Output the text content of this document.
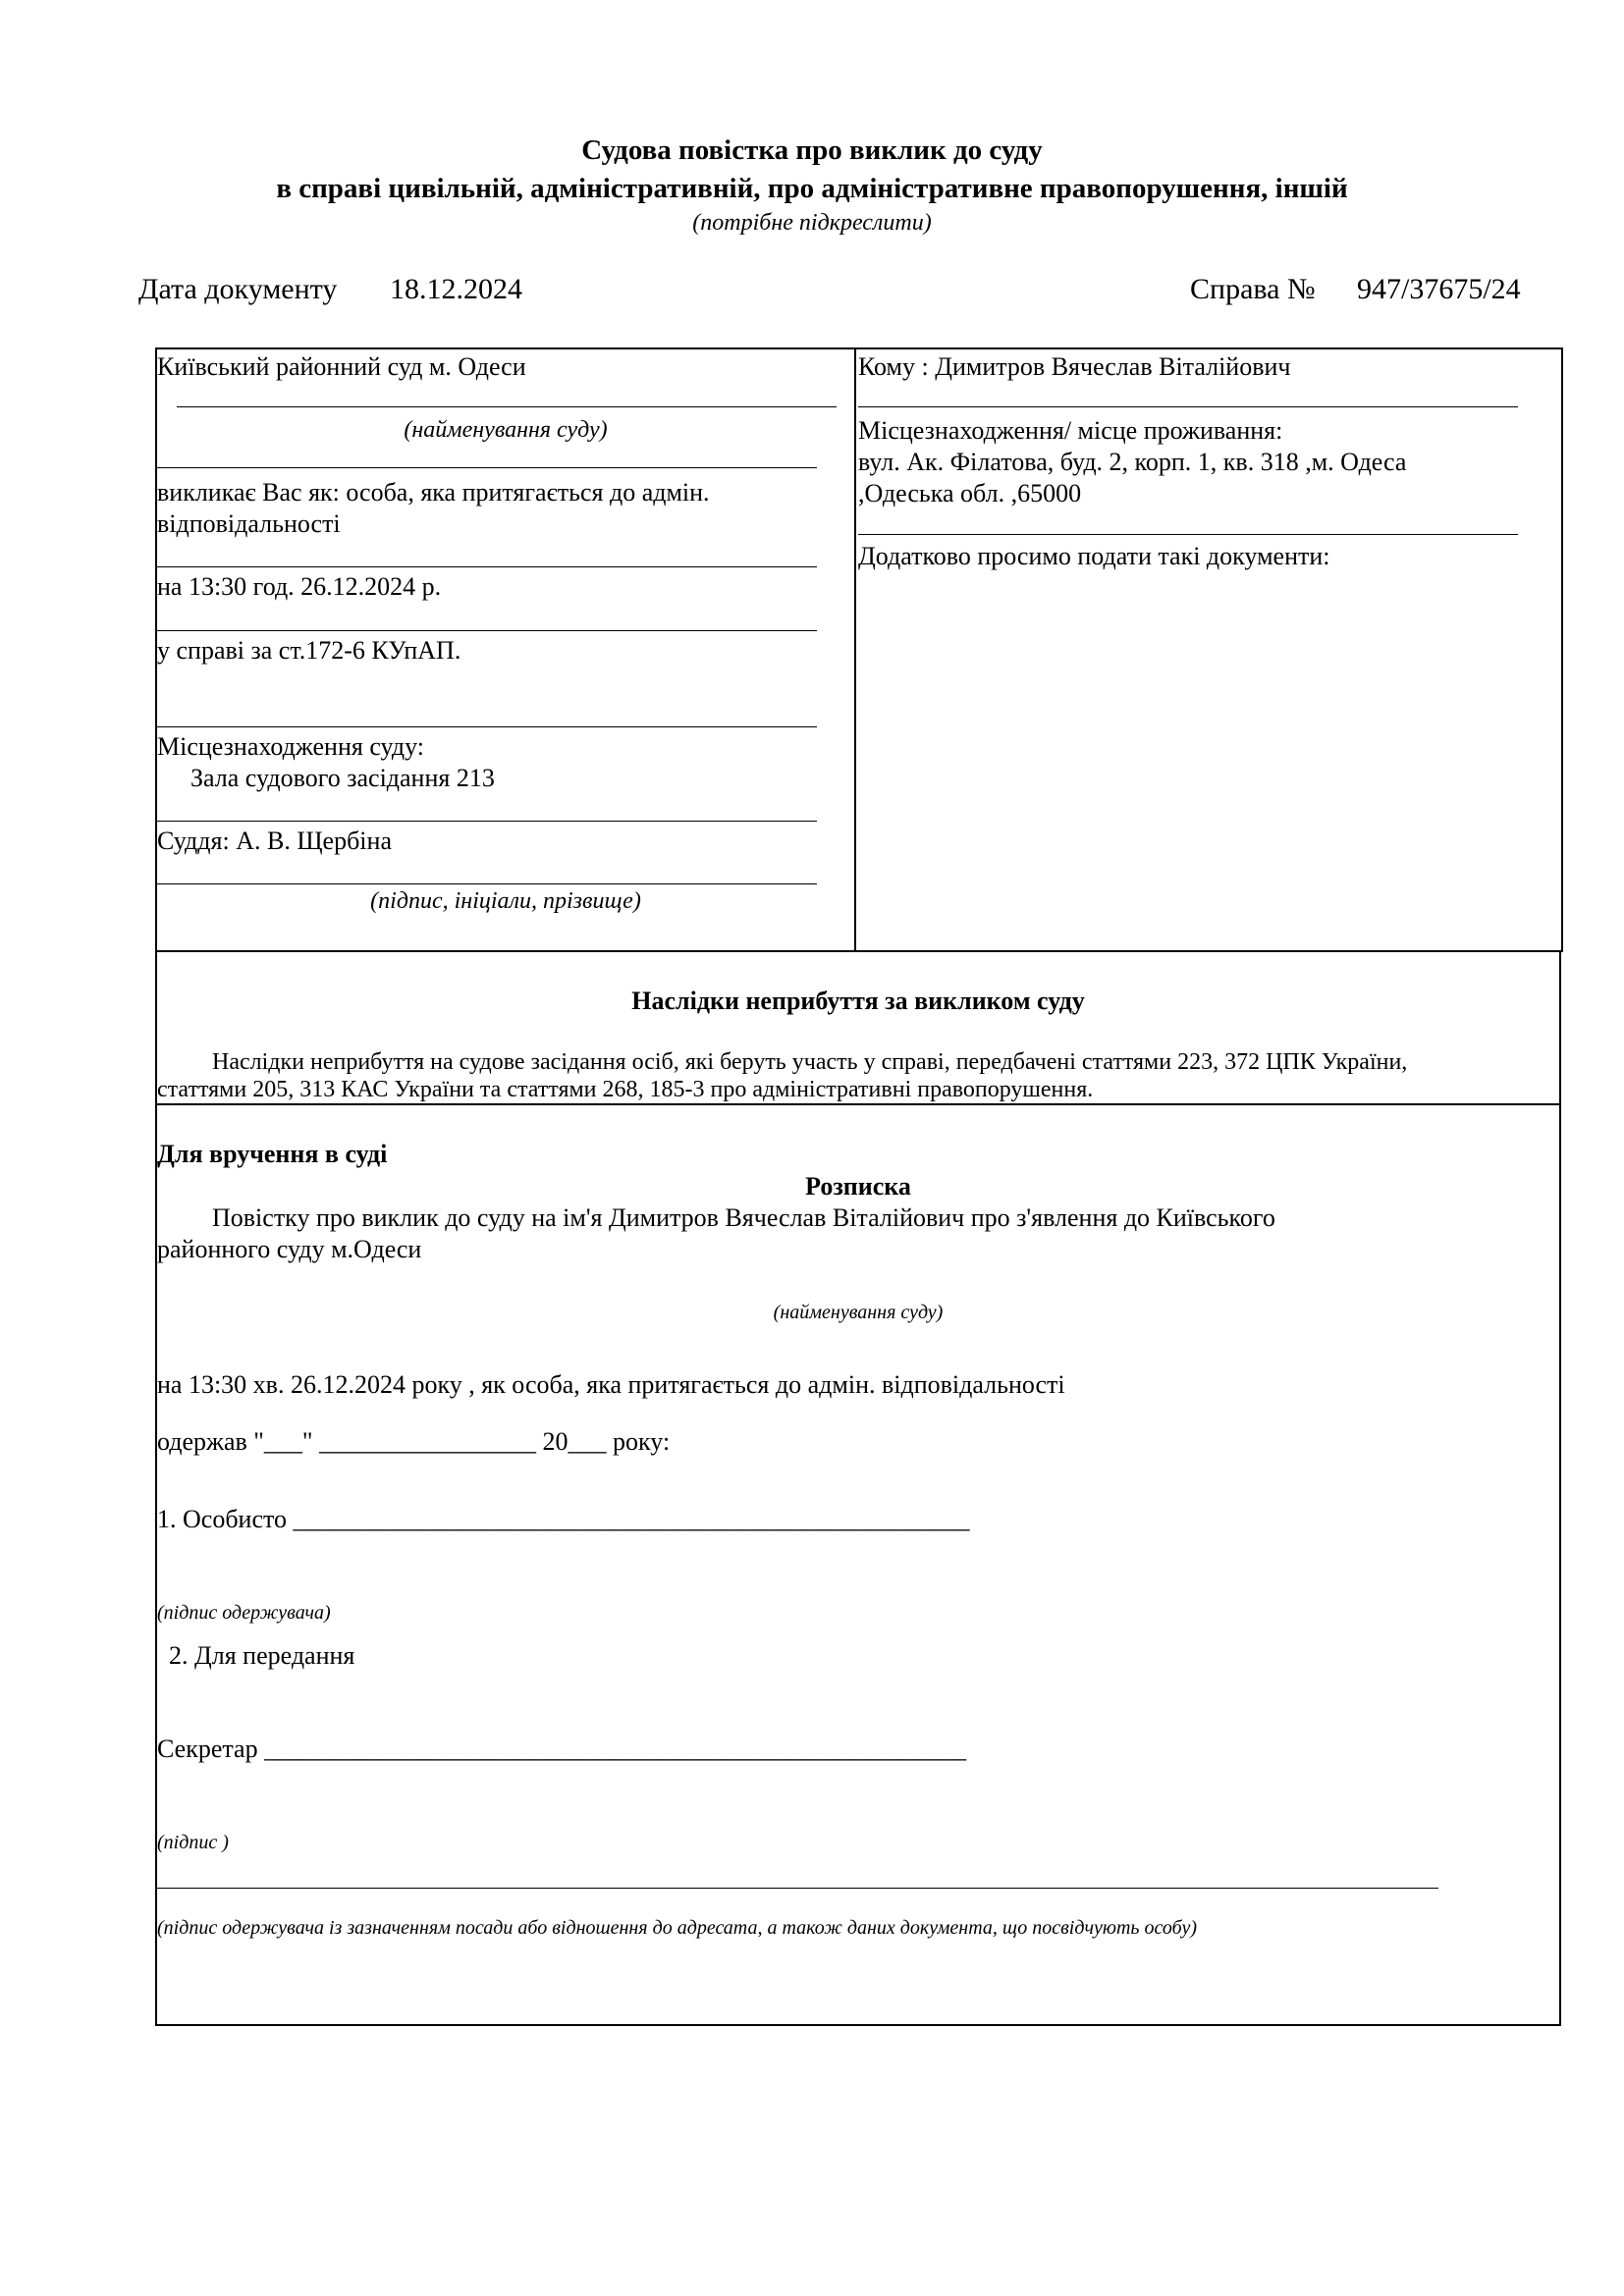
Судова повістка про виклик до суду
в справі цивільній, адміністративній, про адміністративне правопорушення, іншій
(потрібне підкреслити)
Дата документу 18.12.2024	Справа № 947/37675/24
Київський районний суд м. Одеси
(найменування суду)
викликає Вас як: особа, яка притягається до адмін.
відповідальності
на 13:30 год. 26.12.2024 р.
у справі за ст.172-6 КУпАП.
Місцезнаходження суду:
Зала судового засідання 213
Суддя: А. В. Щербіна
(підпис, ініціали, прізвище)
Кому : Димитров Вячеслав Віталійович
Місцезнаходження/ місце проживання:
вул. Ак. Філатова, буд. 2, корп. 1, кв. 318 ,м. Одеса
,Одеська обл. ,65000
Додатково просимо подати такі документи:
Наслідки неприбуття за викликом суду
Наслідки неприбуття на судове засідання осіб, які беруть участь у справі, передбачені статтями 223, 372 ЦПК України,
статтями 205, 313 КАС України та статтями 268, 185-3 про адміністративні правопорушення.
Для вручення в суді
Розписка
Повістку про виклик до суду на ім'я Димитров Вячеслав Віталійович про з'явлення до Київського
районного суду м.Одеси
(найменування суду)
на 13:30 хв. 26.12.2024 року , як особа, яка притягається до адмін. відповідальності
одержав "___" _________________ 20___ року:
1. Особисто _____________________________________________________
(підпис одержувача)
2. Для передання
Секретар _______________________________________________________
(підпис )
(підпис одержувача із зазначенням посади або відношення до адресата, а також даних документа, що посвідчують особу)
